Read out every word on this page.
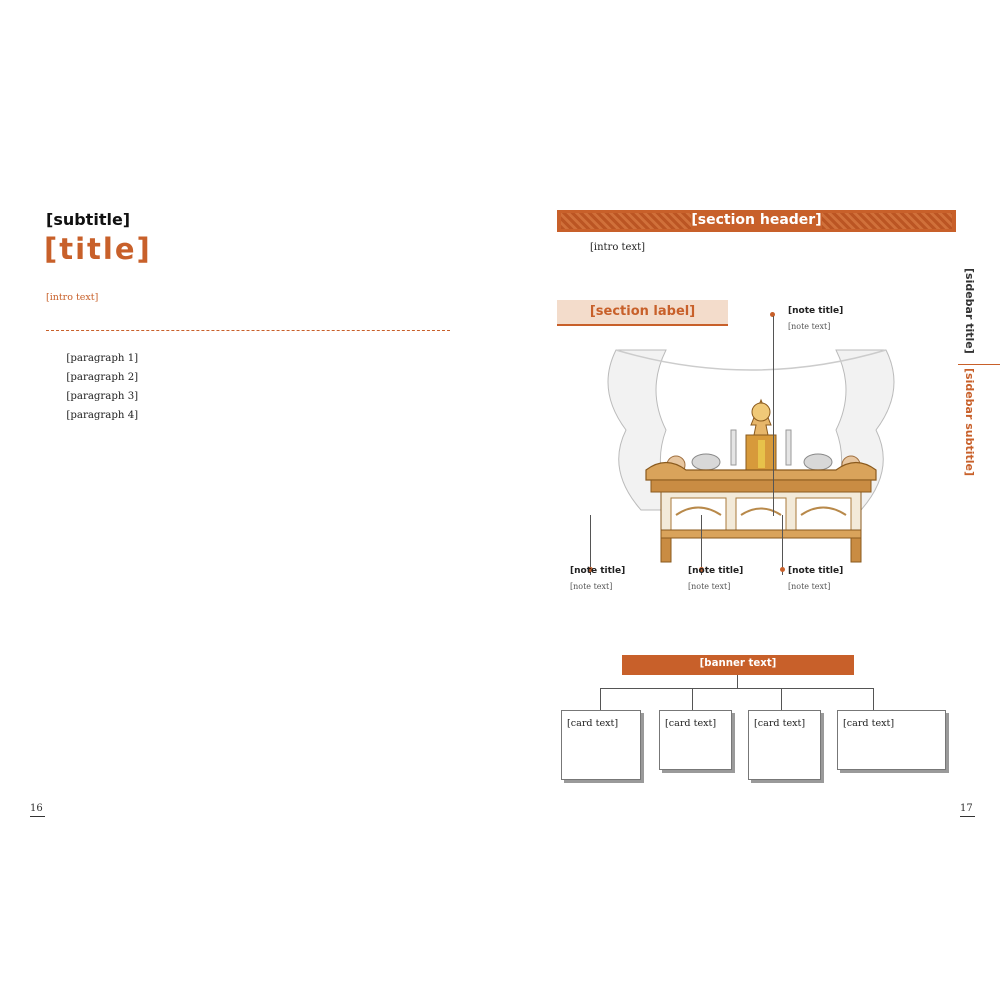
[subtitle]
[title]
[intro text]

[paragraph 1]

[paragraph 2]

[paragraph 3]

[paragraph 4]

16
[section header]
[intro text]
[section label]	[note title]
[note text]
[note title]
[note text]
[note title]
[note text]
[note title]
[note text]
[banner text]
[card text]	[card text]	[card text]	[card text]
[sidebar title]
[sidebar subtitle]
17
